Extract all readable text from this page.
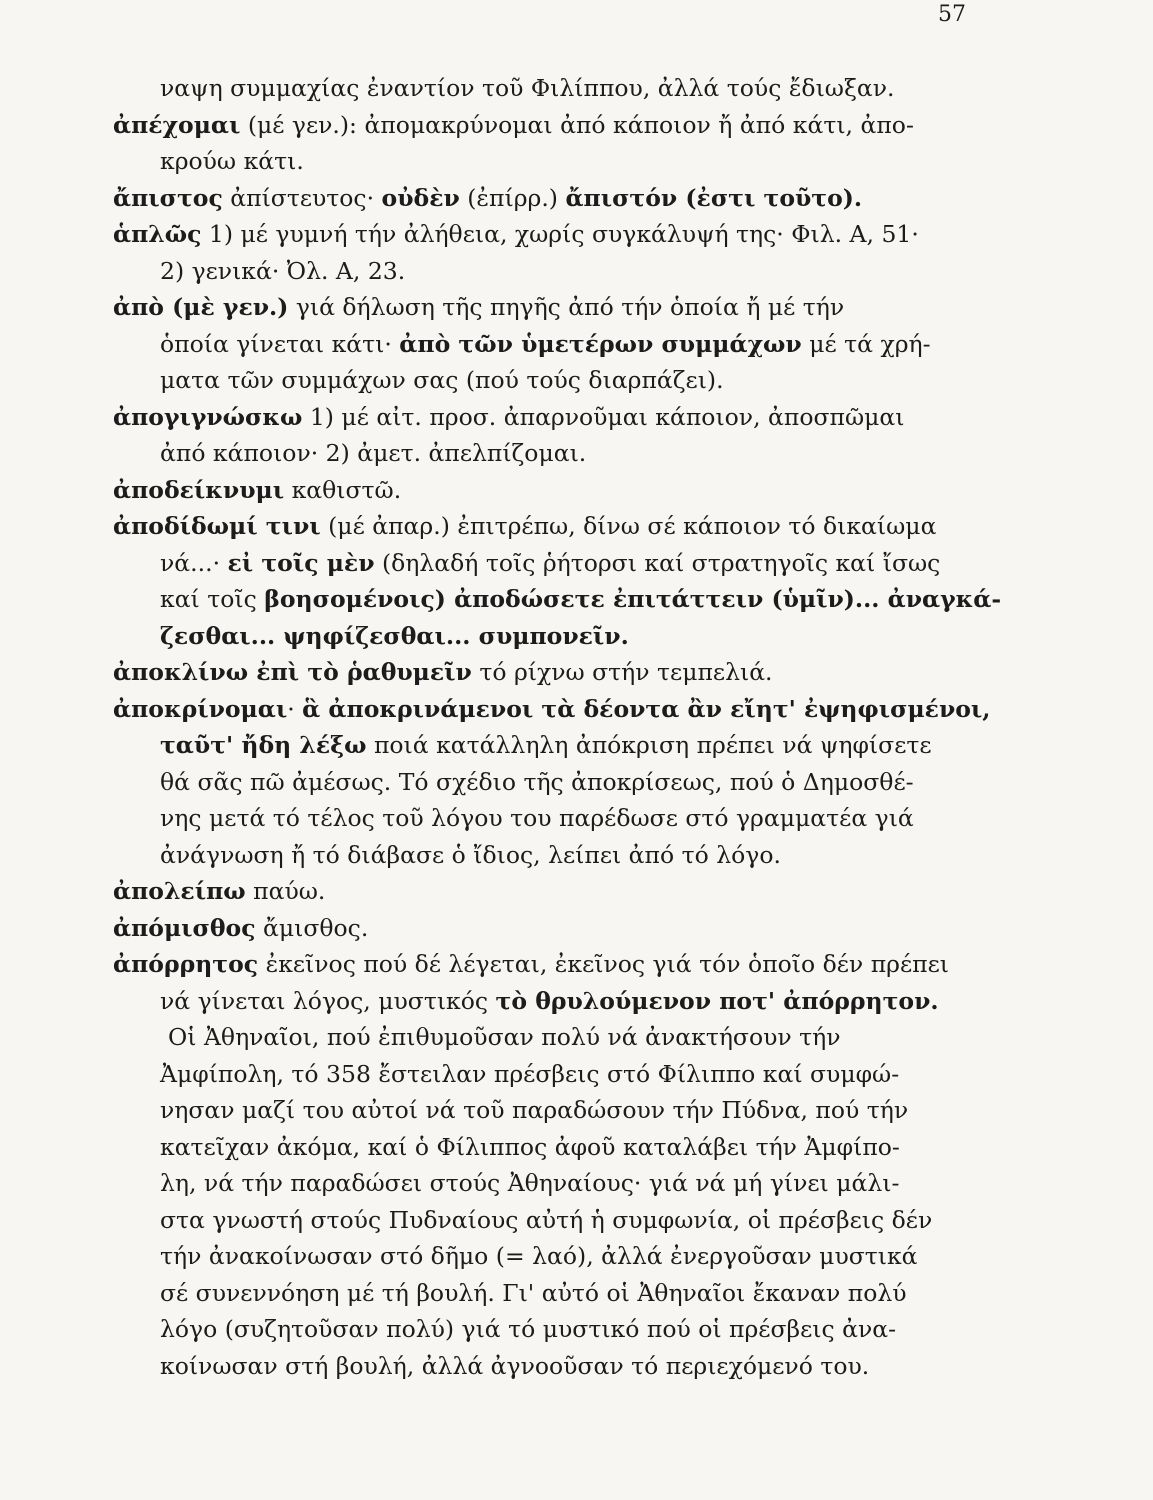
57
ναψη συμμαχίας ἐναντίον τοῦ Φιλίππου, ἀλλά τούς ἔδιωξαν.
ἀπέχομαι (μέ γεν.): ἀπομακρύνομαι ἀπό κάποιον ἤ ἀπό κάτι, ἀπο-
κρούω κάτι.
ἄπιστος ἀπίστευτος· οὐδὲν (ἐπίρρ.) ἄπιστόν (ἐστι τοῦτο).
ἁπλῶς 1) μέ γυμνή τήν ἀλήθεια, χωρίς συγκάλυψή της· Φιλ. Α, 51·
2) γενικά· Ὀλ. Α, 23.
ἀπὸ (μὲ γεν.) γιά δήλωση τῆς πηγῆς ἀπό τήν ὁποία ἤ μέ τήν
ὁποία γίνεται κάτι· ἀπὸ τῶν ὑμετέρων συμμάχων μέ τά χρή-
ματα τῶν συμμάχων σας (πού τούς διαρπάζει).
ἀπογιγνώσκω 1) μέ αἰτ. προσ. ἀπαρνοῦμαι κάποιον, ἀποσπῶμαι
ἀπό κάποιον· 2) ἀμετ. ἀπελπίζομαι.
ἀποδείκνυμι καθιστῶ.
ἀποδίδωμί τινι (μέ ἀπαρ.) ἐπιτρέπω, δίνω σέ κάποιον τό δικαίωμα
νά...· εἰ τοῖς μὲν (δηλαδή τοῖς ῥήτορσι καί στρατηγοῖς καί ἴσως
καί τοῖς βοησομένοις) ἀποδώσετε ἐπιτάττειν (ὑμῖν)... ἀναγκά-
ζεσθαι... ψηφίζεσθαι... συμπονεῖν.
ἀποκλίνω ἐπὶ τὸ ῥαθυμεῖν τό ρίχνω στήν τεμπελιά.
ἀποκρίνομαι· ἃ ἀποκρινάμενοι τὰ δέοντα ἂν εἴητ' ἐψηφισμένοι,
ταῦτ' ἤδη λέξω ποιά κατάλληλη ἀπόκριση πρέπει νά ψηφίσετε
θά σᾶς πῶ ἀμέσως. Τό σχέδιο τῆς ἀποκρίσεως, πού ὁ Δημοσθέ-
νης μετά τό τέλος τοῦ λόγου του παρέδωσε στό γραμματέα γιά
ἀνάγνωση ἤ τό διάβασε ὁ ἴδιος, λείπει ἀπό τό λόγο.
ἀπολείπω παύω.
ἀπόμισθος ἄμισθος.
ἀπόρρητος ἐκεῖνος πού δέ λέγεται, ἐκεῖνος γιά τόν ὁποῖο δέν πρέπει
νά γίνεται λόγος, μυστικός τὸ θρυλούμενον ποτ' ἀπόρρητον.
Οἱ Ἀθηναῖοι, πού ἐπιθυμοῦσαν πολύ νά ἀνακτήσουν τήν
Ἀμφίπολη, τό 358 ἔστειλαν πρέσβεις στό Φίλιππο καί συμφώ-
νησαν μαζί του αὐτοί νά τοῦ παραδώσουν τήν Πύδνα, πού τήν
κατεῖχαν ἀκόμα, καί ὁ Φίλιππος ἀφοῦ καταλάβει τήν Ἀμφίπο-
λη, νά τήν παραδώσει στούς Ἀθηναίους· γιά νά μή γίνει μάλι-
στα γνωστή στούς Πυδναίους αὐτή ἡ συμφωνία, οἱ πρέσβεις δέν
τήν ἀνακοίνωσαν στό δῆμο (= λαό), ἀλλά ἐνεργοῦσαν μυστικά
σέ συνεννόηση μέ τή βουλή. Γι' αὐτό οἱ Ἀθηναῖοι ἔκαναν πολύ
λόγο (συζητοῦσαν πολύ) γιά τό μυστικό πού οἱ πρέσβεις ἀνα-
κοίνωσαν στή βουλή, ἀλλά ἀγνοοῦσαν τό περιεχόμενό του.
